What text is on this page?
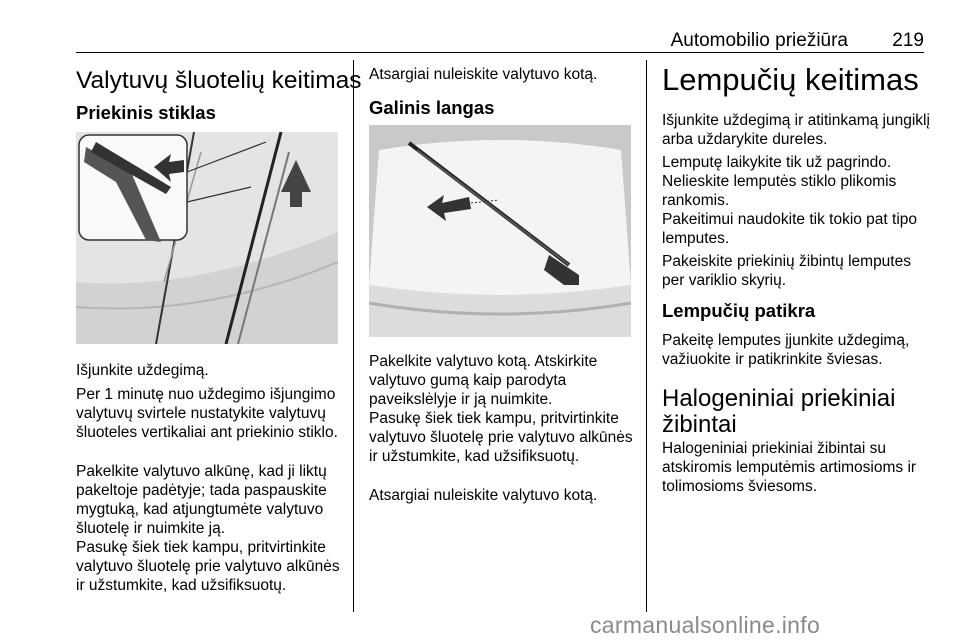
Automobilio priežiūra 219
Valytuvų šluotelių keitimas
Priekinis stiklas
Išjunkite uždegimą.
Per 1 minutę nuo uždegimo išjungimo valytuvų svirtele nustatykite valytuvų šluoteles vertikaliai ant priekinio stiklo.
Pakelkite valytuvo alkūnę, kad ji liktų pakeltoje padėtyje; tada paspauskite mygtuką, kad atjungtumėte valytuvo šluotelę ir nuimkite ją.
Pasukę šiek tiek kampu, pritvirtinkite valytuvo šluotelę prie valytuvo alkūnės ir užstumkite, kad užsifiksuotų.
Atsargiai nuleiskite valytuvo kotą.
Galinis langas
Pakelkite valytuvo kotą. Atskirkite valytuvo gumą kaip parodyta paveikslėlyje ir ją nuimkite.
Pasukę šiek tiek kampu, pritvirtinkite valytuvo šluotelę prie valytuvo alkūnės ir užstumkite, kad užsifiksuotų.
Atsargiai nuleiskite valytuvo kotą.
Lempučių keitimas
Išjunkite uždegimą ir atitinkamą jungiklį arba uždarykite dureles.
Lemputę laikykite tik už pagrindo. Nelieskite lemputės stiklo plikomis rankomis.
Pakeitimui naudokite tik tokio pat tipo lemputes.
Pakeiskite priekinių žibintų lemputes per variklio skyrių.
Lempučių patikra
Pakeitę lemputes įjunkite uždegimą, važiuokite ir patikrinkite šviesas.
Halogeniniai priekiniai žibintai
Halogeniniai priekiniai žibintai su atskiromis lemputėmis artimosioms ir tolimosioms šviesoms.
carmanualsonline.info
